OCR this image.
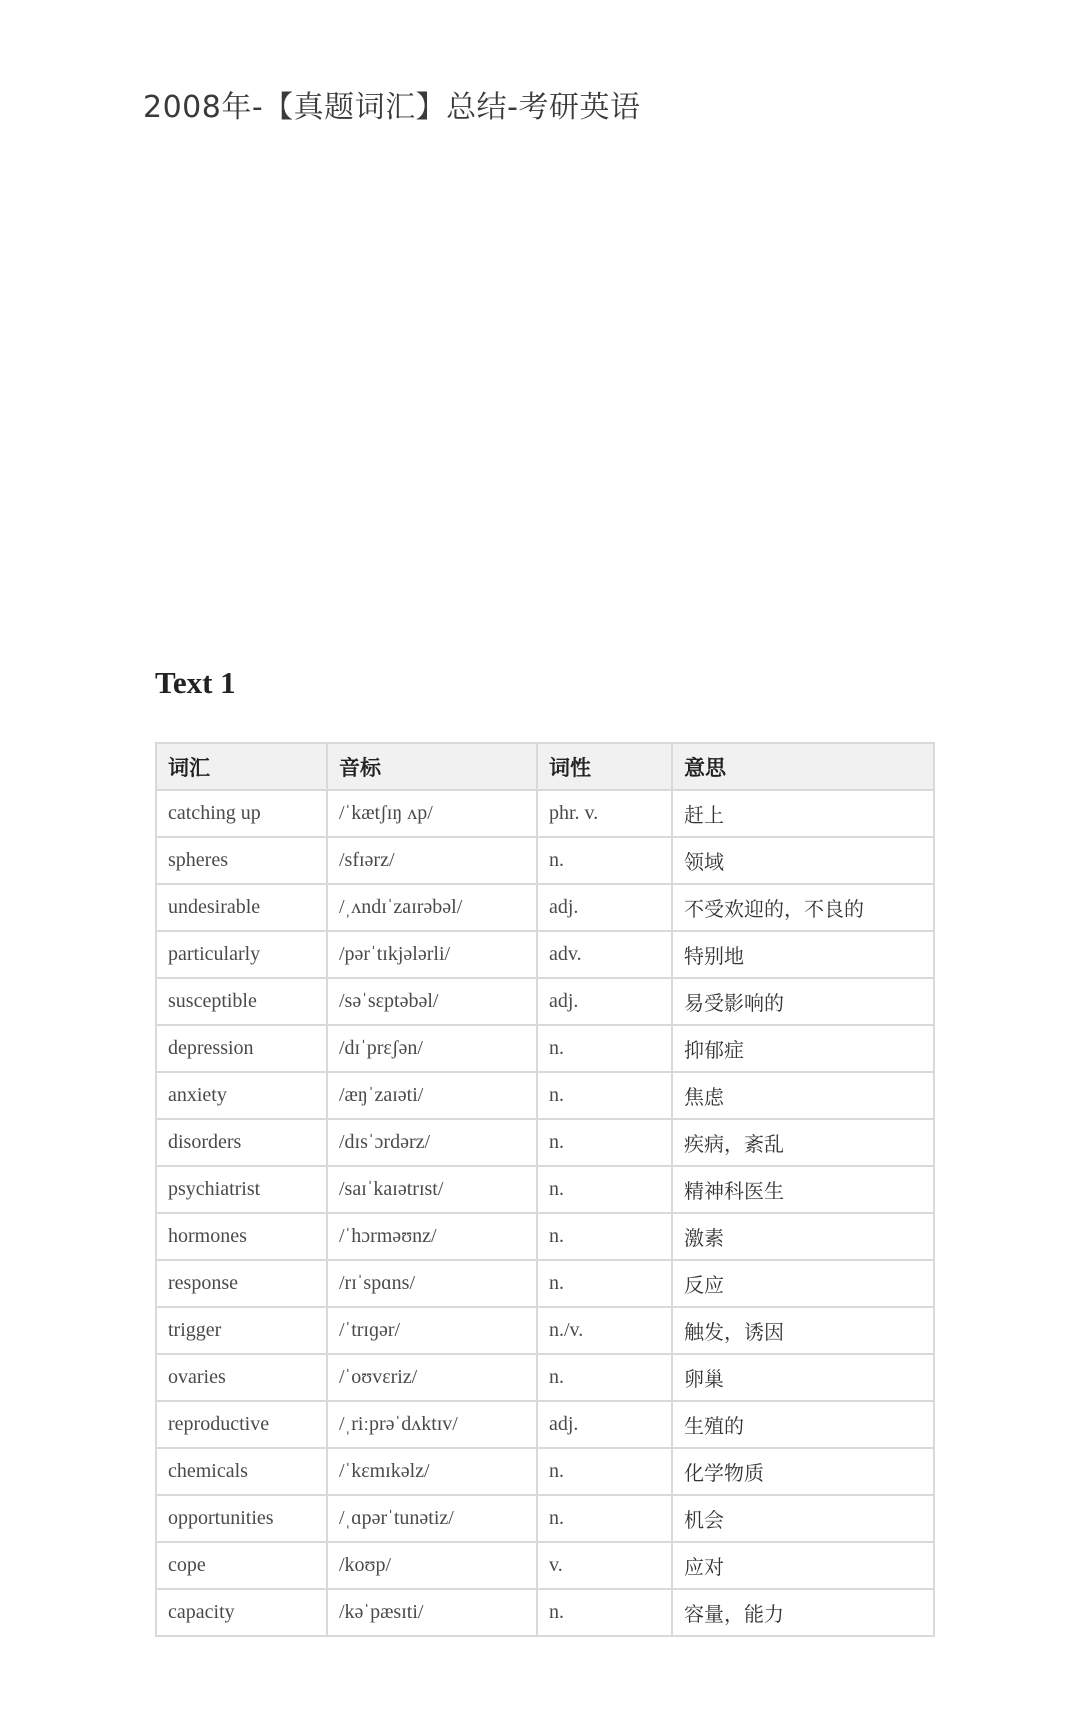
2008年-【真题词汇】总结-考研英语
Text 1
词汇	音标	词性	意思
catching up	/ˈkætʃɪŋ ʌp/	phr. v.	赶上
spheres	/sfɪərz/	n.	领域
undesirable	/ˌʌndɪˈzaɪrəbəl/	adj.	不受欢迎的，不良的
particularly	/pərˈtɪkjələrli/	adv.	特别地
susceptible	/səˈsɛptəbəl/	adj.	易受影响的
depression	/dɪˈprɛʃən/	n.	抑郁症
anxiety	/æŋˈzaɪəti/	n.	焦虑
disorders	/dɪsˈɔrdərz/	n.	疾病，紊乱
psychiatrist	/saɪˈkaɪətrɪst/	n.	精神科医生
hormones	/ˈhɔrməʊnz/	n.	激素
response	/rɪˈspɑns/	n.	反应
trigger	/ˈtrɪɡər/	n./v.	触发，诱因
ovaries	/ˈoʊvɛriz/	n.	卵巢
reproductive	/ˌriːprəˈdʌktɪv/	adj.	生殖的
chemicals	/ˈkɛmɪkəlz/	n.	化学物质
opportunities	/ˌɑpərˈtunətiz/	n.	机会
cope	/koʊp/	v.	应对
capacity	/kəˈpæsɪti/	n.	容量，能力
